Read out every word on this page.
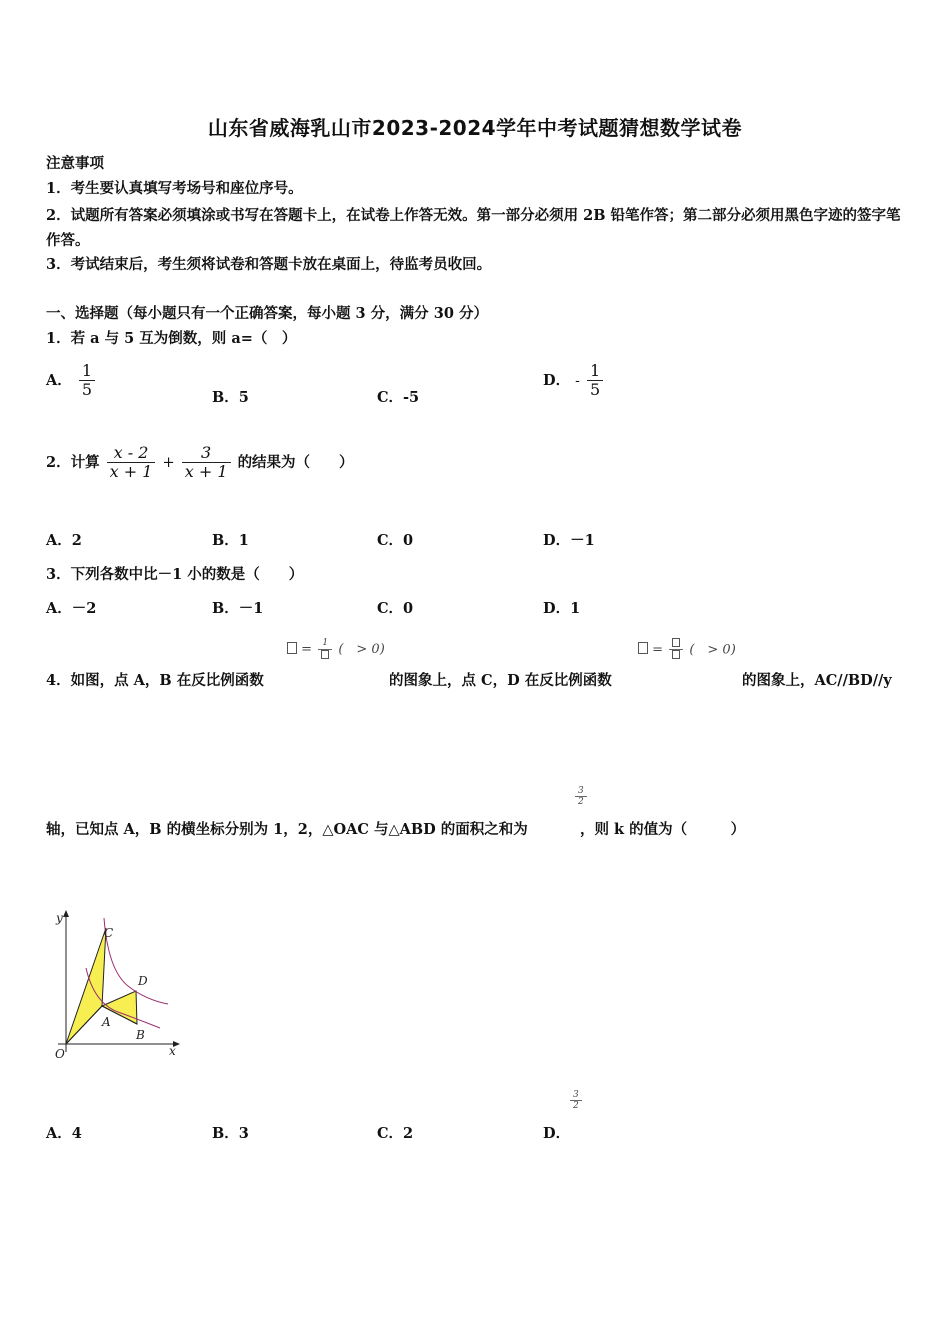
山东省威海乳山市2023-2024学年中考试题猜想数学试卷
注意事项
1．考生要认真填写考场号和座位序号。
2．试题所有答案必须填涂或书写在答题卡上，在试卷上作答无效。第一部分必须用 2B 铅笔作答；第二部分必须用黑色字迹的签字笔作答。
3．考试结束后，考生须将试卷和答题卡放在桌面上，待监考员收回。
一、选择题（每小题只有一个正确答案，每小题 3 分，满分 30 分）
1．若 a 与 5 互为倒数，则 a=（　）
A． $\frac{1}{5}$	B．5	C．-5
D． - $\frac{1}{5}$
2．计算 $\frac{x - 2}{x + 1} + \frac{3}{x + 1}$ 的结果为（　　）
A．2	B．1	C．0	D．－1
3．下列各数中比－1 小的数是（　　）
A．－2	B．－1	C．0	D．1
=	1 (　> 0)	= (　> 0)
4．如图，点 A，B 在反比例函数	的图象上，点 C，D 在反比例函数	的图象上，AC//BD//y
轴，已知点 A，B 的横坐标分别为 1，2，△OAC 与△ABD 的面积之和为
$\frac{3}{2}$
，则 k 的值为（　　　）
y
C
D
A
B
O	x
A．4	B．3	C．2	D．
$\frac{3}{2}$
